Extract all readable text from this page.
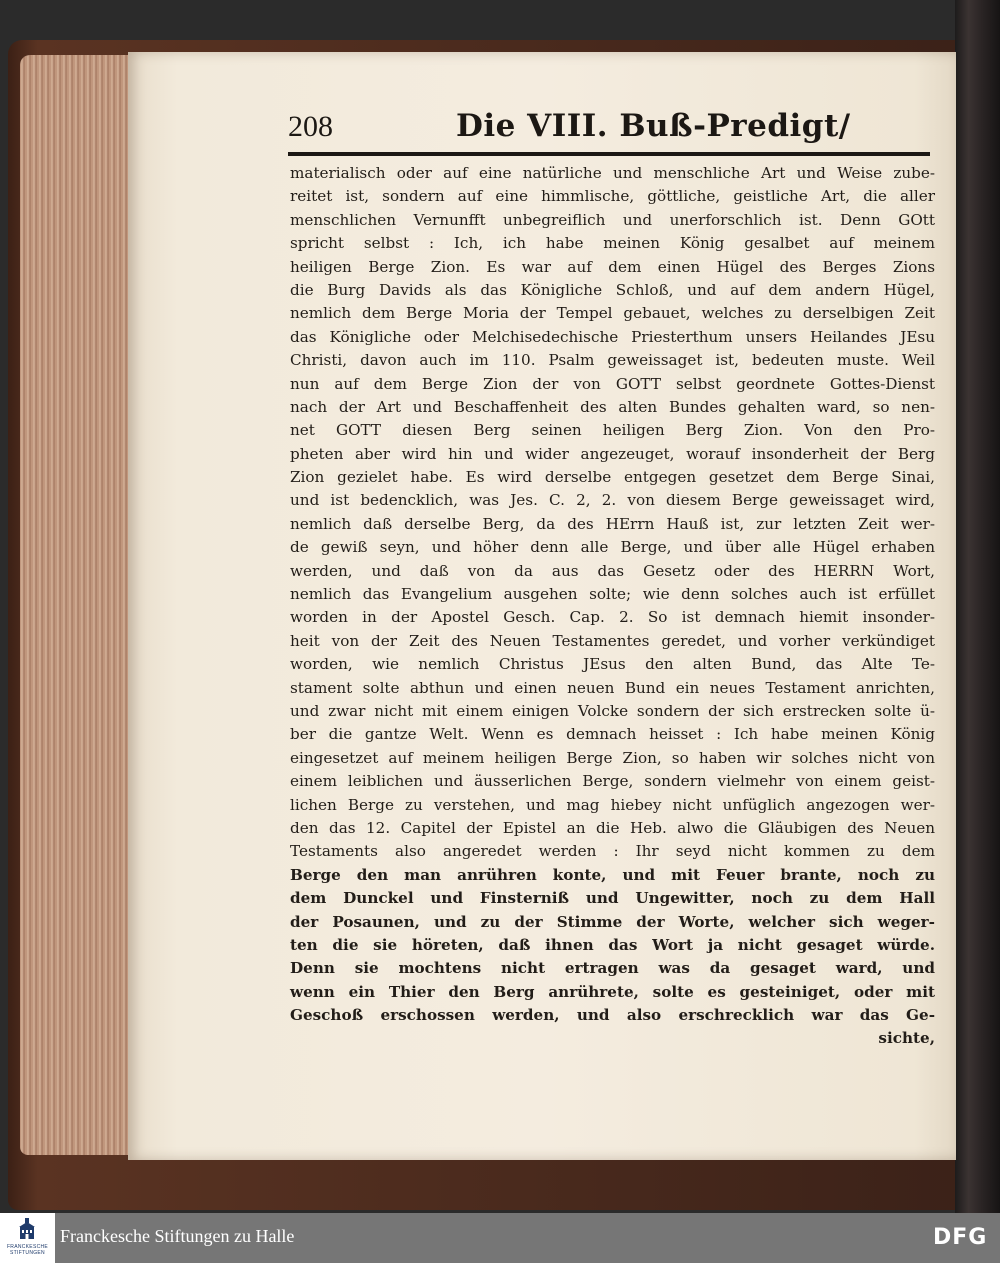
208	Die VIII. Buß-Predigt/
materialisch oder auf eine natürliche und menschliche Art und Weise zube-
reitet ist, sondern auf eine himmlische, göttliche, geistliche Art, die aller
menschlichen Vernunfft unbegreiflich und unerforschlich ist. Denn GOtt
spricht selbst : Ich, ich habe meinen König gesalbet auf meinem
heiligen Berge Zion. Es war auf dem einen Hügel des Berges Zions
die Burg Davids als das Königliche Schloß, und auf dem andern Hügel,
nemlich dem Berge Moria der Tempel gebauet, welches zu derselbigen Zeit
das Königliche oder Melchisedechische Priesterthum unsers Heilandes JEsu
Christi, davon auch im 110. Psalm geweissaget ist, bedeuten muste. Weil
nun auf dem Berge Zion der von GOTT selbst geordnete Gottes-Dienst
nach der Art und Beschaffenheit des alten Bundes gehalten ward, so nen-
net GOTT diesen Berg seinen heiligen Berg Zion. Von den Pro-
pheten aber wird hin und wider angezeuget, worauf insonderheit der Berg
Zion gezielet habe. Es wird derselbe entgegen gesetzet dem Berge Sinai,
und ist bedencklich, was Jes. C. 2, 2. von diesem Berge geweissaget wird,
nemlich daß derselbe Berg, da des HErrn Hauß ist, zur letzten Zeit wer-
de gewiß seyn, und höher denn alle Berge, und über alle Hügel erhaben
werden, und daß von da aus das Gesetz oder des HERRN Wort,
nemlich das Evangelium ausgehen solte; wie denn solches auch ist erfüllet
worden in der Apostel Gesch. Cap. 2. So ist demnach hiemit insonder-
heit von der Zeit des Neuen Testamentes geredet, und vorher verkündiget
worden, wie nemlich Christus JEsus den alten Bund, das Alte Te-
stament solte abthun und einen neuen Bund ein neues Testament anrichten,
und zwar nicht mit einem einigen Volcke sondern der sich erstrecken solte ü-
ber die gantze Welt. Wenn es demnach heisset : Ich habe meinen König
eingesetzet auf meinem heiligen Berge Zion, so haben wir solches nicht von
einem leiblichen und äusserlichen Berge, sondern vielmehr von einem geist-
lichen Berge zu verstehen, und mag hiebey nicht unfüglich angezogen wer-
den das 12. Capitel der Epistel an die Heb. alwo die Gläubigen des Neuen
Testaments also angeredet werden : Ihr seyd nicht kommen zu dem
Berge den man anrühren konte, und mit Feuer brante, noch zu
dem Dunckel und Finsterniß und Ungewitter, noch zu dem Hall
der Posaunen, und zu der Stimme der Worte, welcher sich weger-
ten die sie höreten, daß ihnen das Wort ja nicht gesaget würde.
Denn sie mochtens nicht ertragen was da gesaget ward, und
wenn ein Thier den Berg anrührete, solte es gesteiniget, oder mit
Geschoß erschossen werden, und also erschrecklich war das Ge-
sichte,
FRANCKESCHE
STIFTUNGEN
Franckesche Stiftungen zu Halle	DFG
